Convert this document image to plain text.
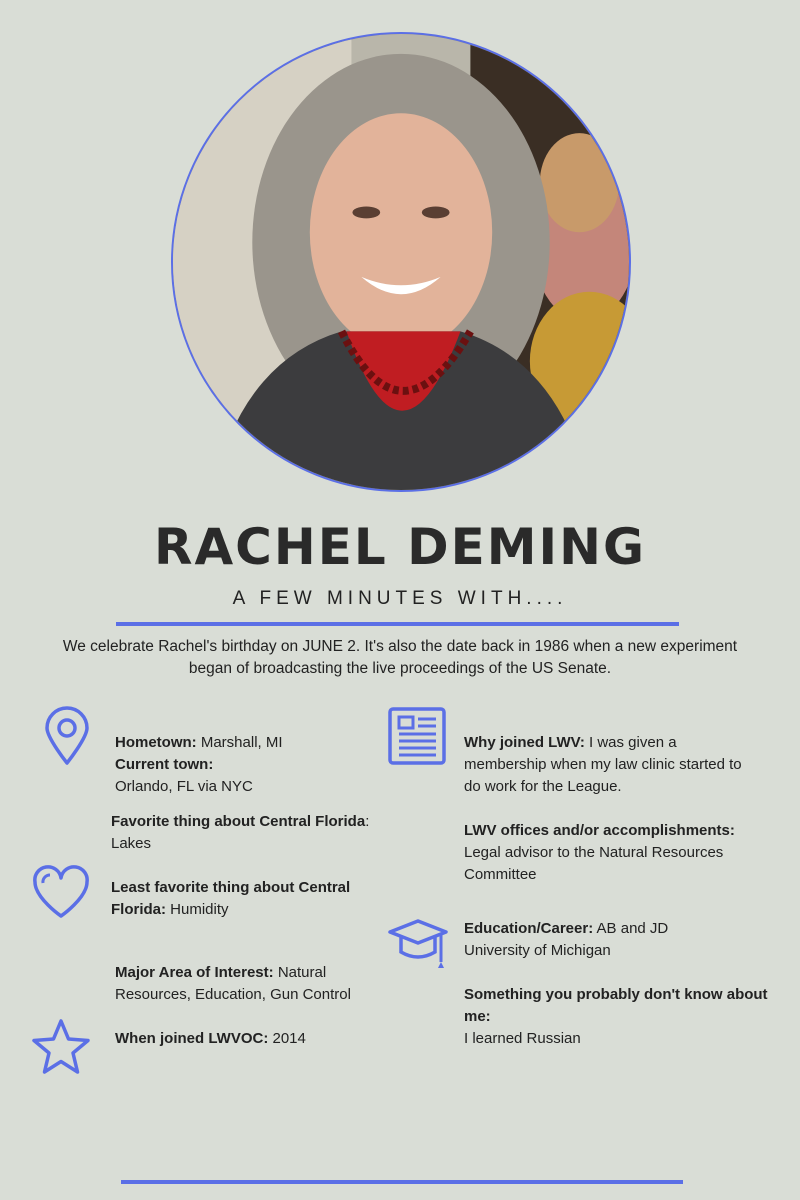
RACHEL DEMING
A FEW MINUTES WITH....
We celebrate Rachel's birthday on JUNE 2. It's also the date back in 1986 when a new experiment began of broadcasting the live proceedings of the US Senate.
Hometown: Marshall, MI
Current town:
Orlando, FL via NYC
Favorite thing about Central Florida: Lakes
Least favorite thing about Central Florida: Humidity
Major Area of Interest: Natural Resources, Education, Gun Control
When joined LWVOC: 2014
Why joined LWV: I was given a membership when my law clinic started to do work for the League.
LWV offices and/or accomplishments:
Legal advisor to the Natural Resources Committee
Education/Career: AB and JD University of Michigan
Something you probably don't know about me:
I learned Russian
